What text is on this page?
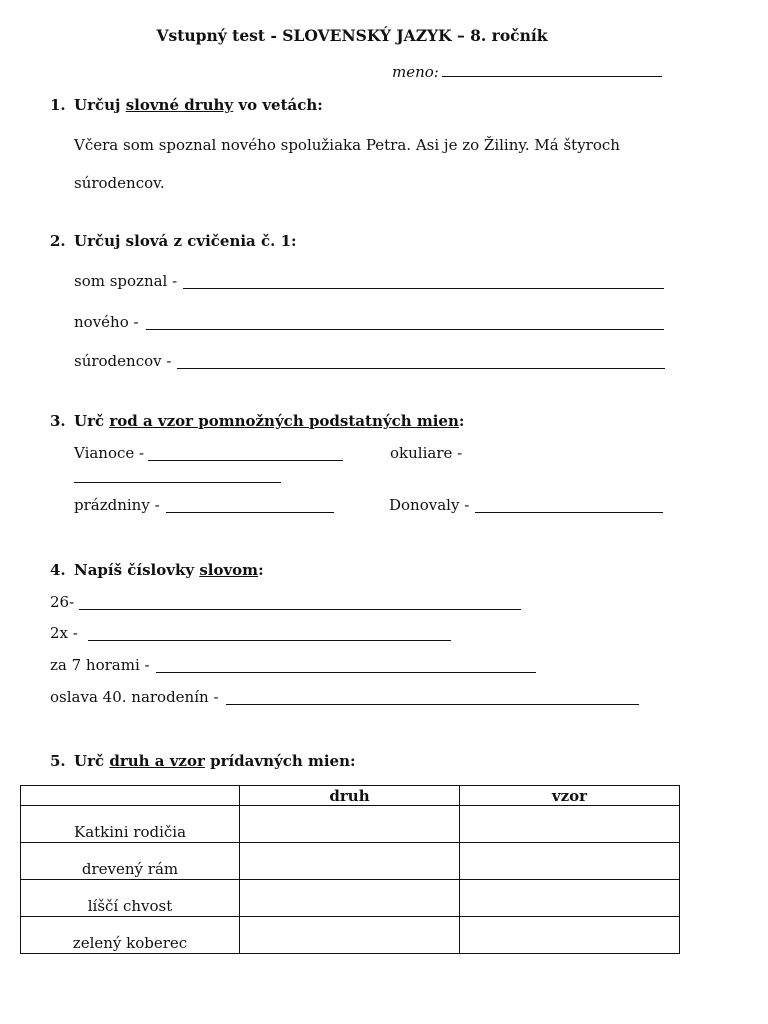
Vstupný test - SLOVENSKÝ JAZYK – 8. ročník
meno:
1. Určuj slovné druhy vo vetách:
Včera som spoznal nového spolužiaka Petra. Asi je zo Žiliny. Má štyroch
súrodencov.
2. Určuj slová z cvičenia č. 1:
som spoznal -
nového -
súrodencov -
3. Urč rod a vzor pomnožných podstatných mien:
Vianoce -	okuliare -
prázdniny -	Donovaly -
4. Napíš číslovky slovom:
26-
2x -
za 7 horami -
oslava 40. narodenín -
5. Urč druh a vzor prídavných mien:
	druh	vzor
Katkini rodičia		
drevený rám		
líščí chvost		
zelený koberec		
